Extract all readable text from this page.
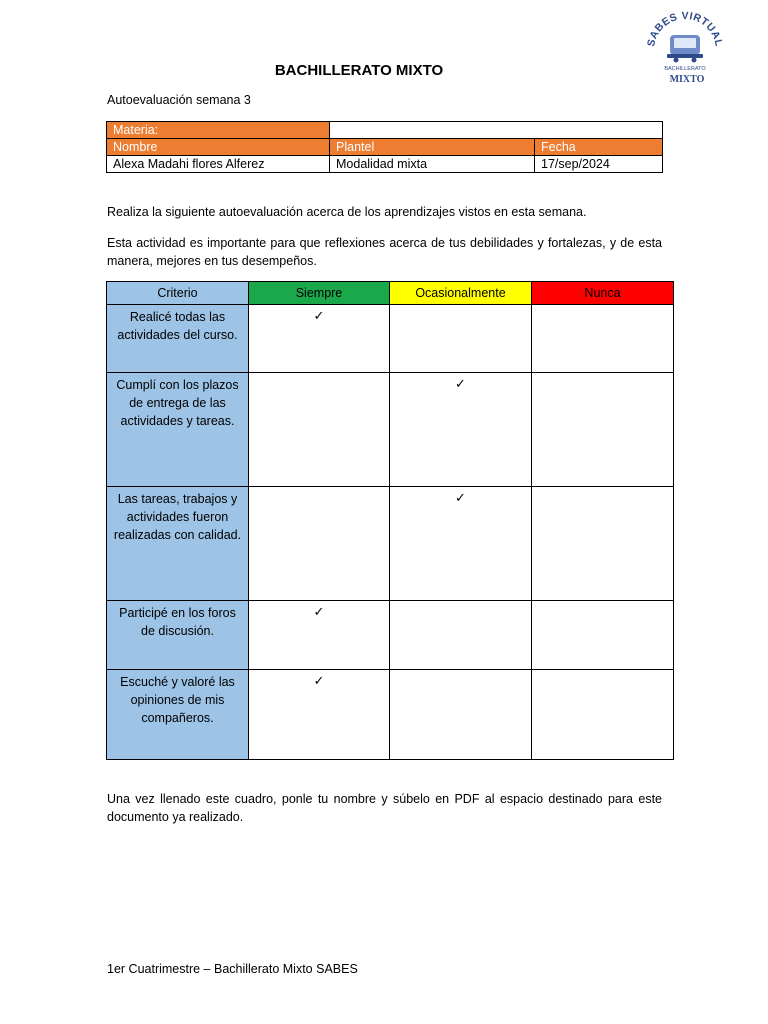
SABES VIRTUAL
BACHILLERATO
MIXTO
BACHILLERATO MIXTO
Autoevaluación semana 3
Materia:		
Nombre	Plantel	Fecha
Alexa Madahi flores Alferez	Modalidad mixta	17/sep/2024
Realiza la siguiente autoevaluación acerca de los aprendizajes vistos en esta semana.
Esta actividad es importante para que reflexiones acerca de tus debilidades y fortalezas, y de esta manera, mejores en tus desempeños.
Criterio	Siempre	Ocasionalmente	Nunca
Realicé todas las actividades del curso.	✓		
Cumplí con los plazos de entrega de las actividades y tareas.		✓	
Las tareas, trabajos y actividades fueron realizadas con calidad.		✓	
Participé en los foros de discusión.	✓		
Escuché y valoré las opiniones de mis compañeros.	✓		
Una vez llenado este cuadro, ponle tu nombre y súbelo en PDF al espacio destinado para este documento ya realizado.
1er Cuatrimestre – Bachillerato Mixto SABES
